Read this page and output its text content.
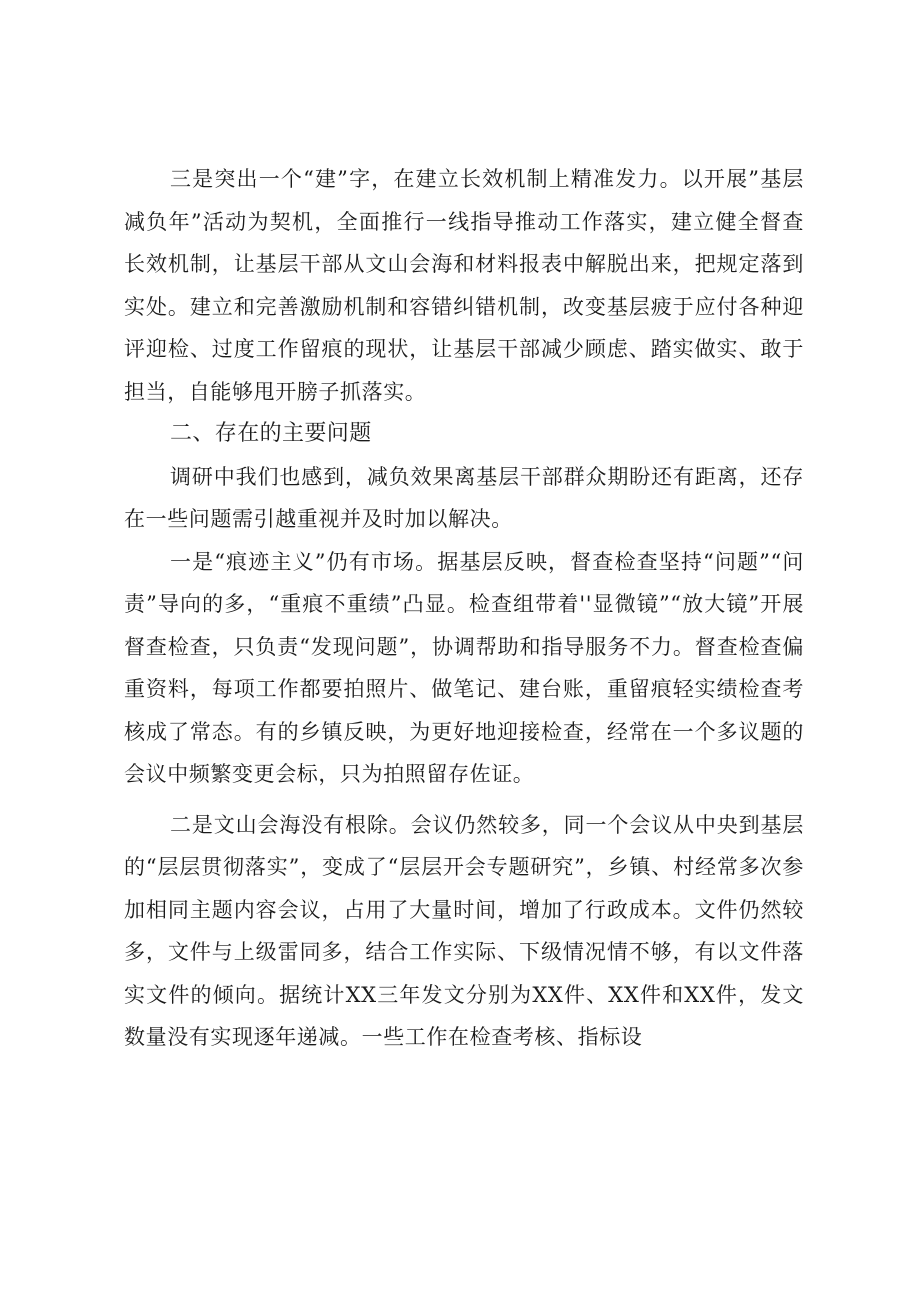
三是突出一个“建”字，在建立长效机制上精准发力。以开展”基层减负年”活动为契机，全面推行一线指导推动工作落实，建立健全督查长效机制，让基层干部从文山会海和材料报表中解脱出来，把规定落到实处。建立和完善激励机制和容错纠错机制，改变基层疲于应付各种迎评迎检、过度工作留痕的现状，让基层干部减少顾虑、踏实做实、敢于担当，自能够甩开膀子抓落实。

二、存在的主要问题

调研中我们也感到，减负效果离基层干部群众期盼还有距离，还存在一些问题需引越重视并及时加以解决。

一是“痕迹主义”仍有市场。据基层反映，督查检查坚持“问题”“问责”导向的多，“重痕不重绩”凸显。检查组带着''显微镜”“放大镜”开展督查检查，只负责“发现问题”，协调帮助和指导服务不力。督查检查偏重资料，每项工作都要拍照片、做笔记、建台账，重留痕轻实绩检查考核成了常态。有的乡镇反映，为更好地迎接检查，经常在一个多议题的会议中频繁变更会标，只为拍照留存佐证。

二是文山会海没有根除。会议仍然较多，同一个会议从中央到基层的“层层贯彻落实”，变成了“层层开会专题研究”，乡镇、村经常多次参加相同主题内容会议，占用了大量时间，增加了行政成本。文件仍然较多，文件与上级雷同多，结合工作实际、下级情况情不够，有以文件落实文件的倾向。据统计XX三年发文分别为XX件、XX件和XX件，发文数量没有实现逐年递减。一些工作在检查考核、指标设
